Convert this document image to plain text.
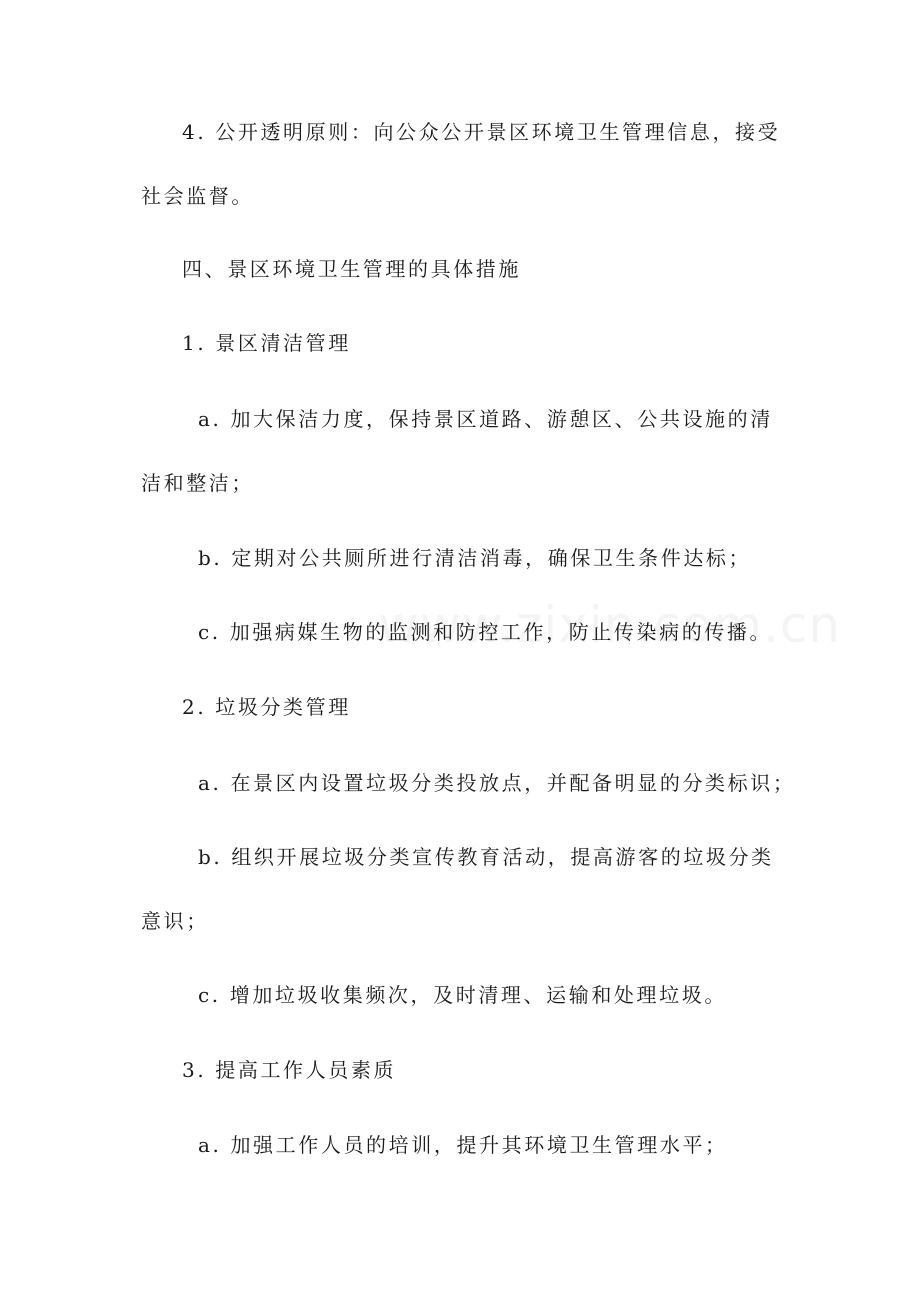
4. 公开透明原则：向公众公开景区环境卫生管理信息，接受社会监督。

四、景区环境卫生管理的具体措施

1. 景区清洁管理

a. 加大保洁力度，保持景区道路、游憩区、公共设施的清洁和整洁；

b. 定期对公共厕所进行清洁消毒，确保卫生条件达标；

c. 加强病媒生物的监测和防控工作，防止传染病的传播。

2. 垃圾分类管理

a. 在景区内设置垃圾分类投放点，并配备明显的分类标识；

b. 组织开展垃圾分类宣传教育活动，提高游客的垃圾分类意识；

c. 增加垃圾收集频次，及时清理、运输和处理垃圾。

3. 提高工作人员素质

a. 加强工作人员的培训，提升其环境卫生管理水平；
